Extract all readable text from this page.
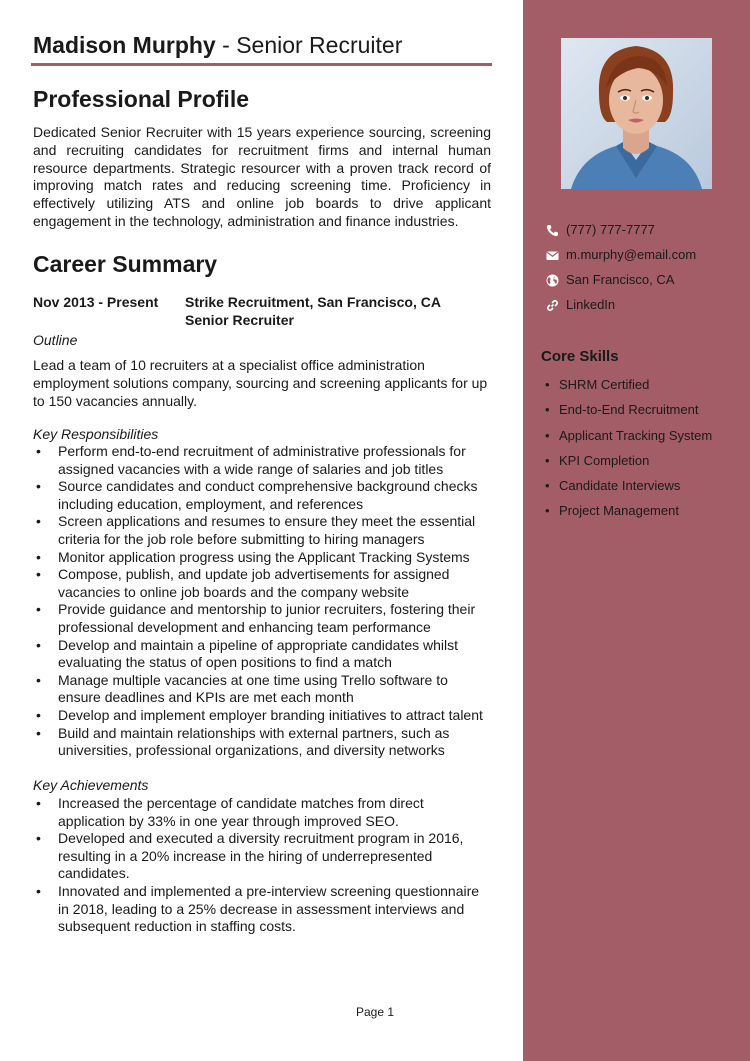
Madison Murphy - Senior Recruiter
Professional Profile
Dedicated Senior Recruiter with 15 years experience sourcing, screening and recruiting candidates for recruitment firms and internal human resource departments. Strategic resourcer with a proven track record of improving match rates and reducing screening time. Proficiency in effectively utilizing ATS and online job boards to drive applicant engagement in the technology, administration and finance industries.
Career Summary
Nov 2013 - Present Strike Recruitment, San Francisco, CA
Senior Recruiter
Outline
Lead a team of 10 recruiters at a specialist office administration employment solutions company, sourcing and screening applicants for up to 150 vacancies annually.
Key Responsibilities
• Perform end-to-end recruitment of administrative professionals for assigned vacancies with a wide range of salaries and job titles
• Source candidates and conduct comprehensive background checks including education, employment, and references
• Screen applications and resumes to ensure they meet the essential criteria for the job role before submitting to hiring managers
• Monitor application progress using the Applicant Tracking Systems
• Compose, publish, and update job advertisements for assigned vacancies to online job boards and the company website
• Provide guidance and mentorship to junior recruiters, fostering their professional development and enhancing team performance
• Develop and maintain a pipeline of appropriate candidates whilst evaluating the status of open positions to find a match
• Manage multiple vacancies at one time using Trello software to ensure deadlines and KPIs are met each month
• Develop and implement employer branding initiatives to attract talent
• Build and maintain relationships with external partners, such as universities, professional organizations, and diversity networks
Key Achievements
• Increased the percentage of candidate matches from direct application by 33% in one year through improved SEO.
• Developed and executed a diversity recruitment program in 2016, resulting in a 20% increase in the hiring of underrepresented candidates.
• Innovated and implemented a pre-interview screening questionnaire in 2018, leading to a 25% decrease in assessment interviews and subsequent reduction in staffing costs.
Page 1
(777) 777-7777
m.murphy@email.com
San Francisco, CA
LinkedIn
Core Skills
• SHRM Certified
• End-to-End Recruitment
• Applicant Tracking System
• KPI Completion
• Candidate Interviews
• Project Management
